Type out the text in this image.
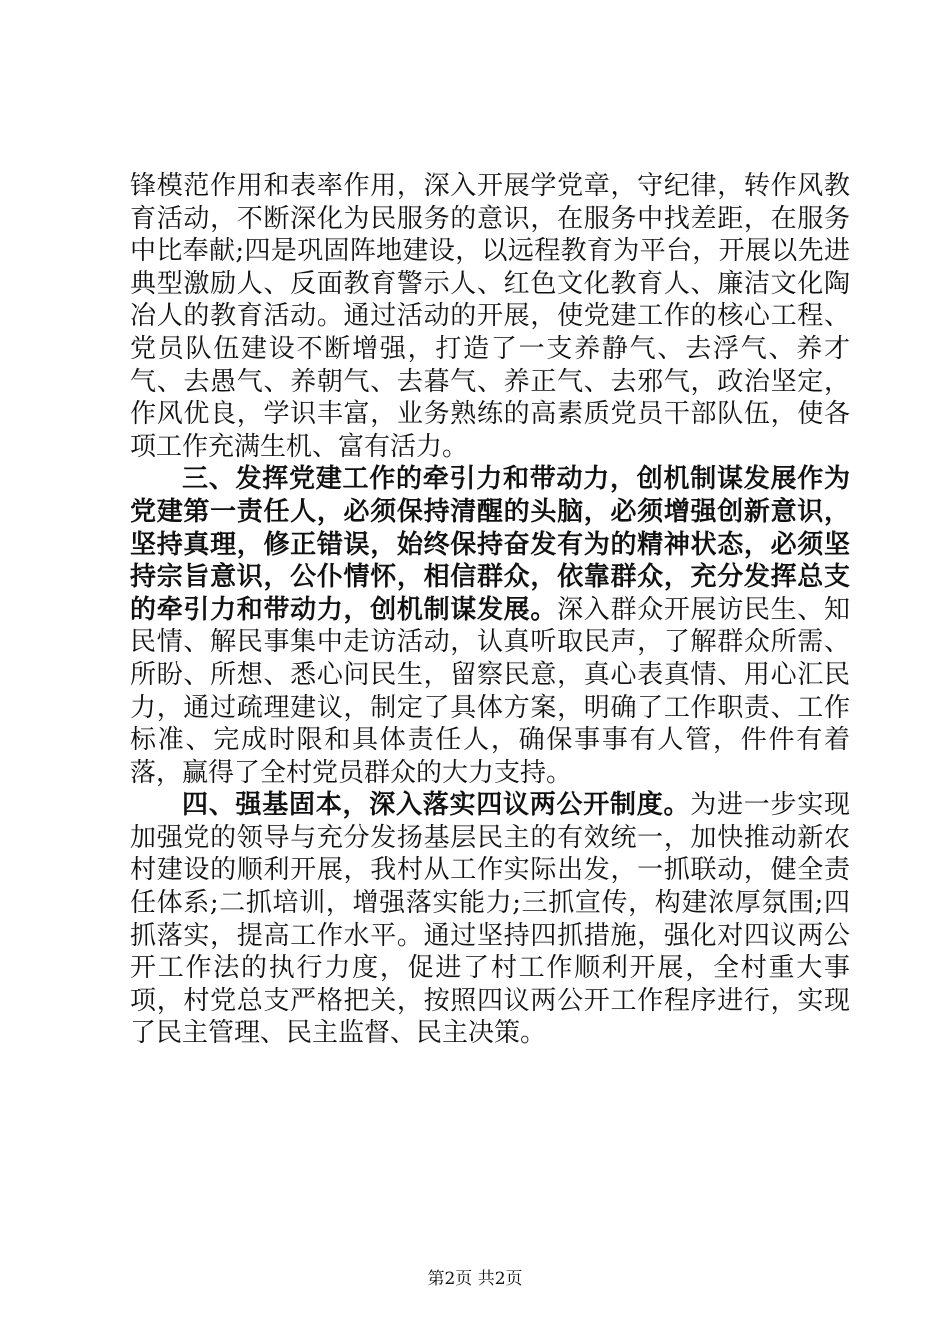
锋模范作用和表率作用，深入开展学党章，守纪律，转作风教育活动，不断深化为民服务的意识，在服务中找差距，在服务中比奉献;四是巩固阵地建设，以远程教育为平台，开展以先进典型激励人、反面教育警示人、红色文化教育人、廉洁文化陶冶人的教育活动。通过活动的开展，使党建工作的核心工程、党员队伍建设不断增强，打造了一支养静气、去浮气、养才气、去愚气、养朝气、去暮气、养正气、去邪气，政治坚定，作风优良，学识丰富，业务熟练的高素质党员干部队伍，使各项工作充满生机、富有活力。

三、发挥党建工作的牵引力和带动力，创机制谋发展作为党建第一责任人，必须保持清醒的头脑，必须增强创新意识，坚持真理，修正错误，始终保持奋发有为的精神状态，必须坚持宗旨意识，公仆情怀，相信群众，依靠群众，充分发挥总支的牵引力和带动力，创机制谋发展。深入群众开展访民生、知民情、解民事集中走访活动，认真听取民声，了解群众所需、所盼、所想、悉心问民生，留察民意，真心表真情、用心汇民力，通过疏理建议，制定了具体方案，明确了工作职责、工作标准、完成时限和具体责任人，确保事事有人管，件件有着落，赢得了全村党员群众的大力支持。

四、强基固本，深入落实四议两公开制度。为进一步实现加强党的领导与充分发扬基层民主的有效统一，加快推动新农村建设的顺利开展，我村从工作实际出发，一抓联动，健全责任体系;二抓培训，增强落实能力;三抓宣传，构建浓厚氛围;四抓落实，提高工作水平。通过坚持四抓措施，强化对四议两公开工作法的执行力度，促进了村工作顺利开展，全村重大事项，村党总支严格把关，按照四议两公开工作程序进行，实现了民主管理、民主监督、民主决策。

第2页 共2页
